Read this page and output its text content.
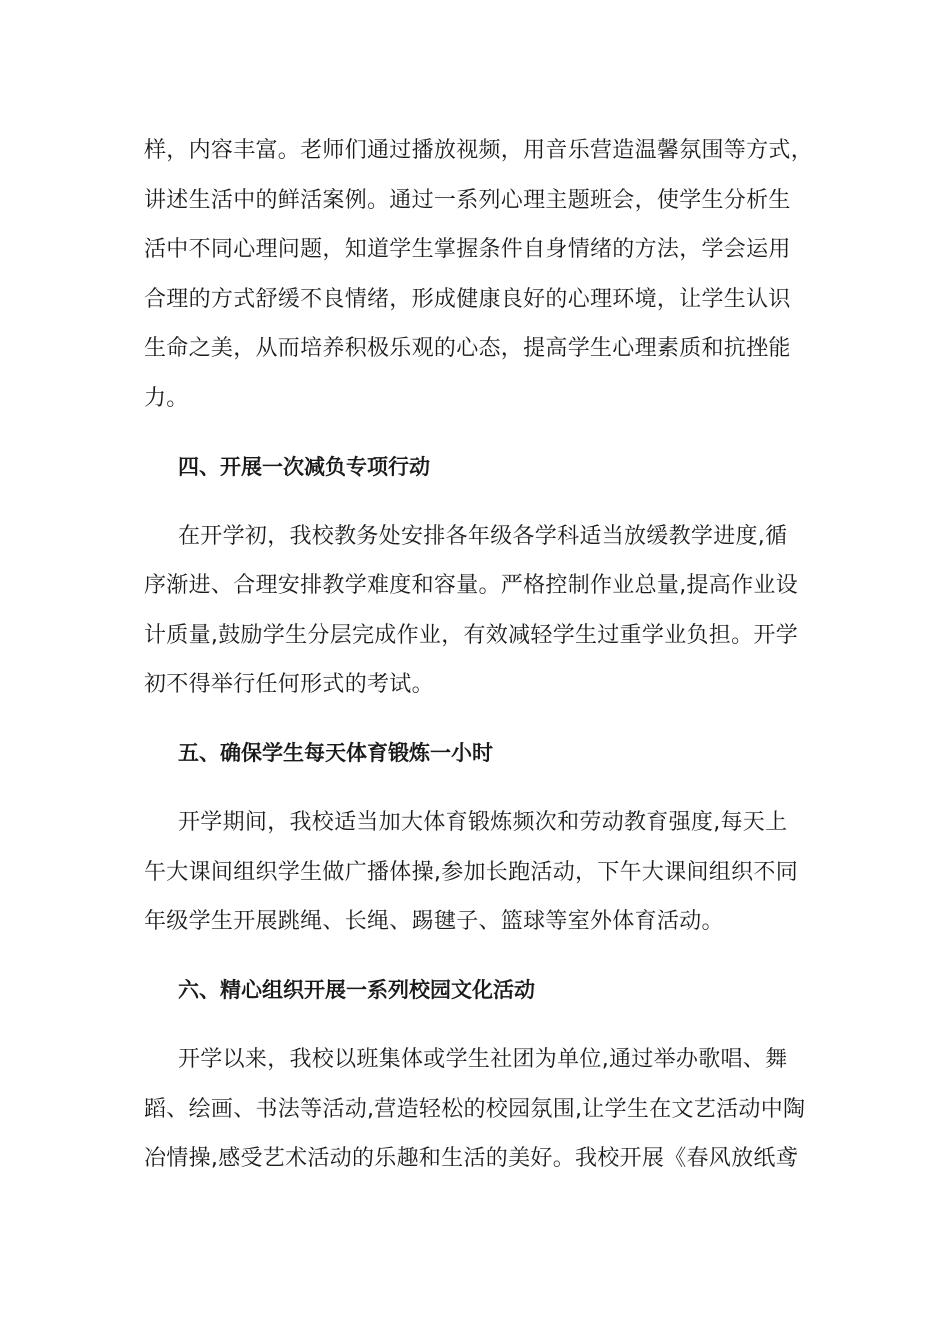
样，内容丰富。老师们通过播放视频，用音乐营造温馨氛围等方式，
讲述生活中的鲜活案例。通过一系列心理主题班会，使学生分析生
活中不同心理问题，知道学生掌握条件自身情绪的方法，学会运用
合理的方式舒缓不良情绪，形成健康良好的心理环境，让学生认识
生命之美，从而培养积极乐观的心态，提高学生心理素质和抗挫能
力。
四、开展一次减负专项行动
在开学初，我校教务处安排各年级各学科适当放缓教学进度,循
序渐进、合理安排教学难度和容量。严格控制作业总量,提高作业设
计质量,鼓励学生分层完成作业，有效减轻学生过重学业负担。开学
初不得举行任何形式的考试。
五、确保学生每天体育锻炼一小时
开学期间，我校适当加大体育锻炼频次和劳动教育强度,每天上
午大课间组织学生做广播体操,参加长跑活动，下午大课间组织不同
年级学生开展跳绳、长绳、踢毽子、篮球等室外体育活动。
六、精心组织开展一系列校园文化活动
开学以来，我校以班集体或学生社团为单位,通过举办歌唱、舞
蹈、绘画、书法等活动,营造轻松的校园氛围,让学生在文艺活动中陶
冶情操,感受艺术活动的乐趣和生活的美好。我校开展《春风放纸鸢
